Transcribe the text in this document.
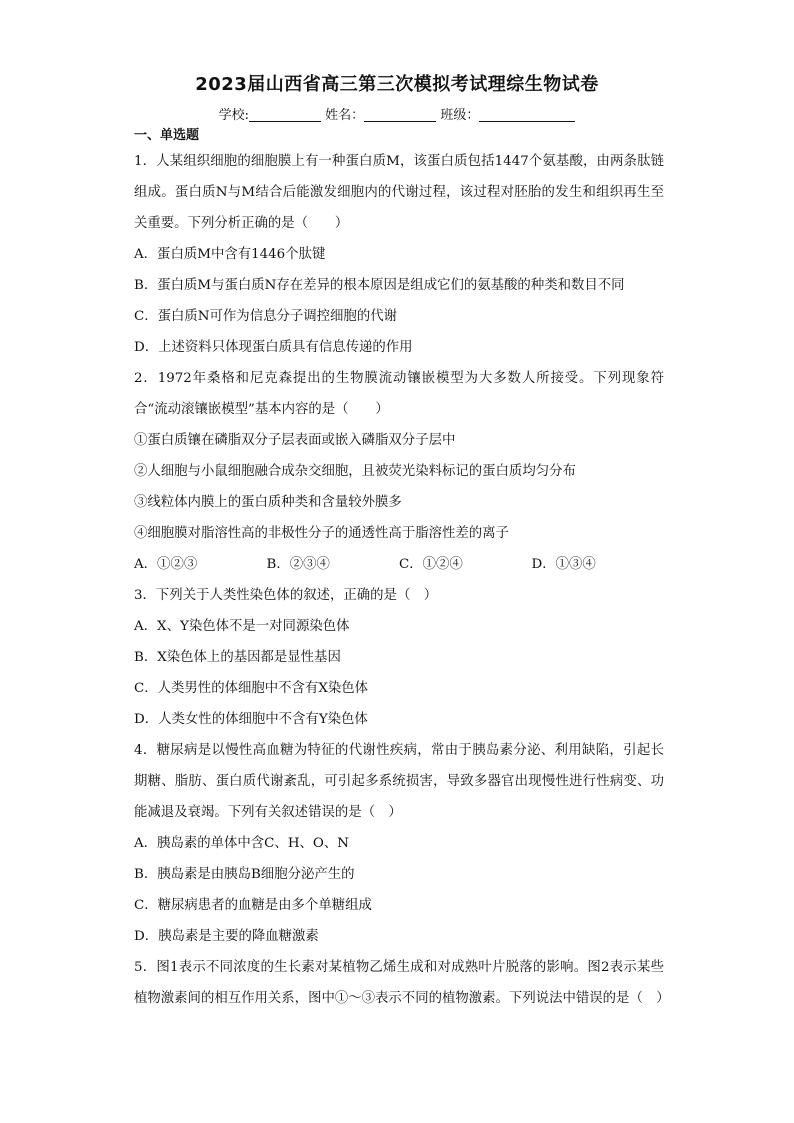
2023届山西省高三第三次模拟考试理综生物试卷
学校:	姓名：	班级：
一、单选题

1．人某组织细胞的细胞膜上有一种蛋白质M，该蛋白质包括1447个氨基酸，由两条肽链组成。蛋白质N与M结合后能激发细胞内的代谢过程，该过程对胚胎的发生和组织再生至关重要。下列分析正确的是（　　）

A．蛋白质M中含有1446个肽键

B．蛋白质M与蛋白质N存在差异的根本原因是组成它们的氨基酸的种类和数目不同

C．蛋白质N可作为信息分子调控细胞的代谢

D．上述资料只体现蛋白质具有信息传递的作用

2．1972年桑格和尼克森提出的生物膜流动镶嵌模型为大多数人所接受。下列现象符合“流动滚镶嵌模型”基本内容的是（　　）

①蛋白质镶在磷脂双分子层表面或嵌入磷脂双分子层中

②人细胞与小鼠细胞融合成杂交细胞，且被荧光染料标记的蛋白质均匀分布

③线粒体内膜上的蛋白质种类和含量较外膜多

④细胞膜对脂溶性高的非极性分子的通透性高于脂溶性差的离子

A．①②③	B．②③④	C．①②④	D．①③④

3．下列关于人类性染色体的叙述，正确的是（　）

A．X、Y染色体不是一对同源染色体

B．X染色体上的基因都是显性基因

C．人类男性的体细胞中不含有X染色体

D．人类女性的体细胞中不含有Y染色体

4．糖尿病是以慢性高血糖为特征的代谢性疾病，常由于胰岛素分泌、利用缺陷，引起长期糖、脂肪、蛋白质代谢紊乱，可引起多系统损害，导致多器官出现慢性进行性病变、功能减退及衰竭。下列有关叙述错误的是（　）

A．胰岛素的单体中含C、H、O、N

B．胰岛素是由胰岛B细胞分泌产生的

C．糖尿病患者的血糖是由多个单糖组成

D．胰岛素是主要的降血糖激素

5．图1表示不同浓度的生长素对某植物乙烯生成和对成熟叶片脱落的影响。图2表示某些植物激素间的相互作用关系，图中①～③表示不同的植物激素。下列说法中错误的是（　）
